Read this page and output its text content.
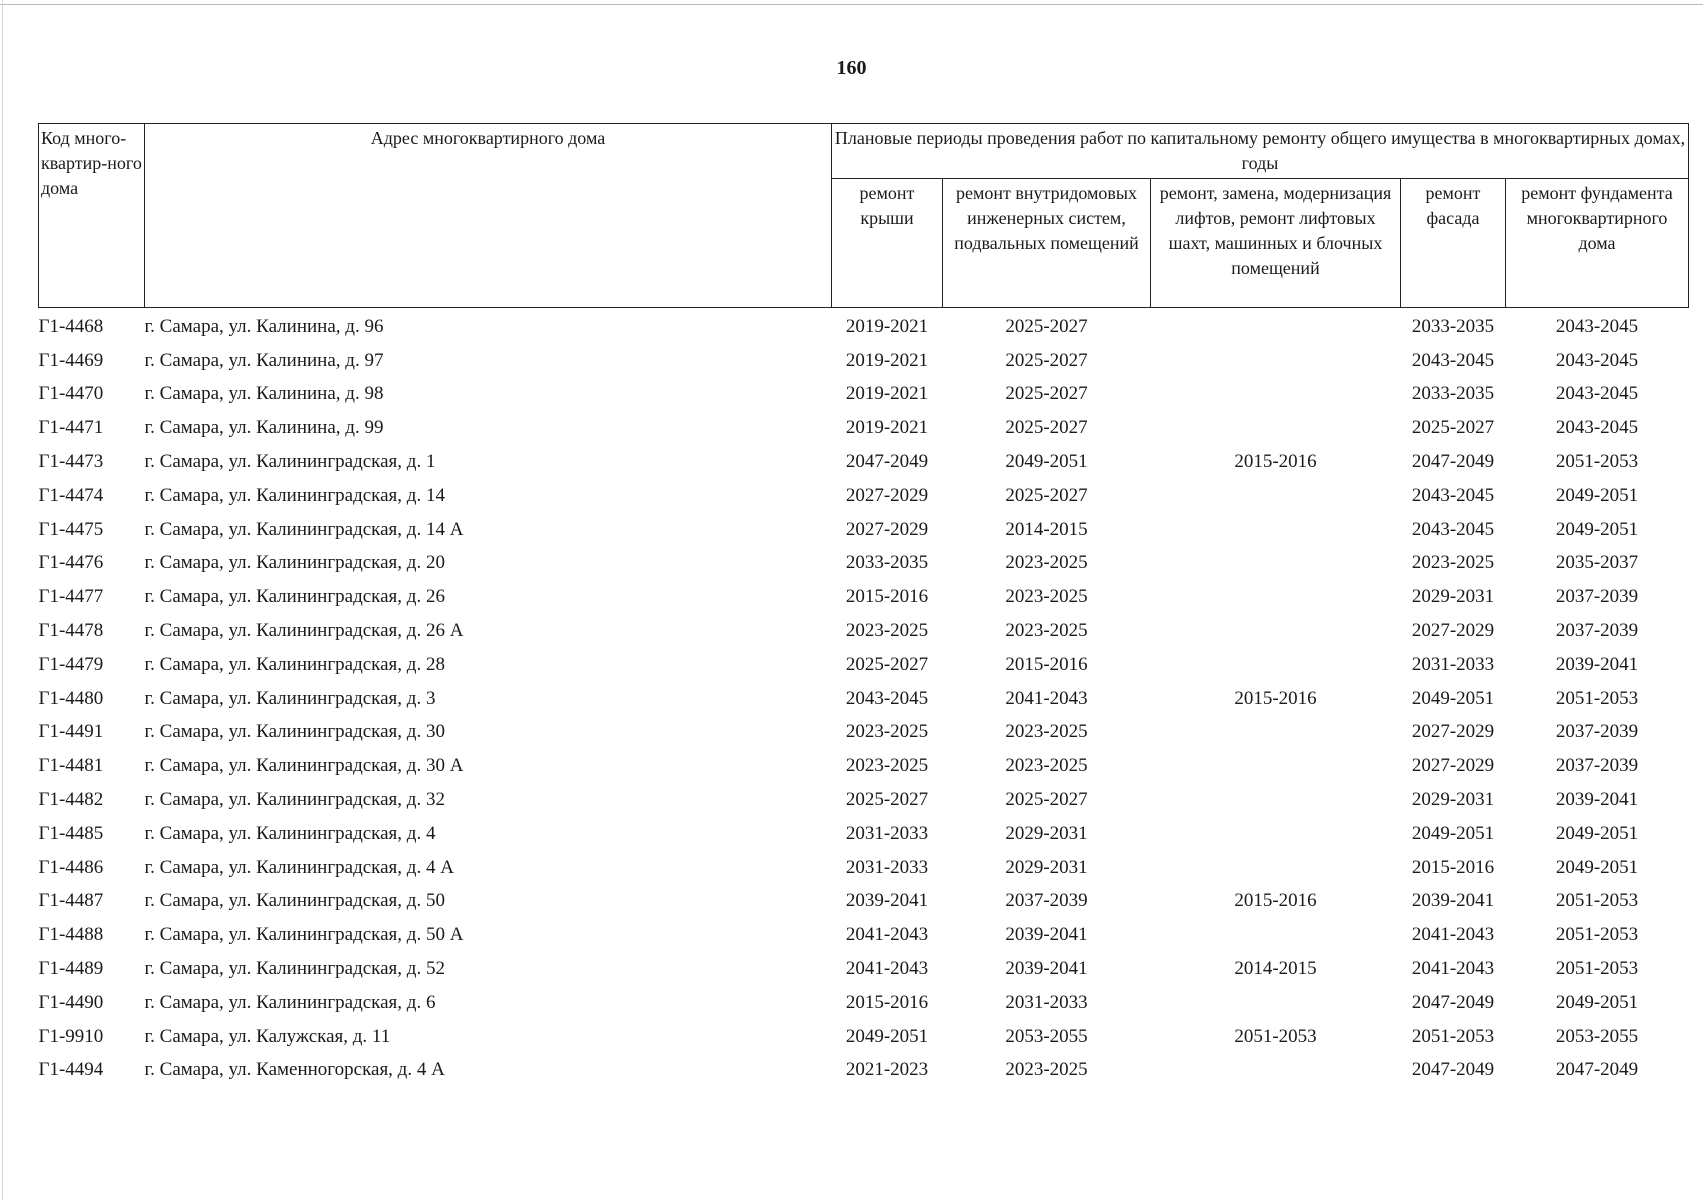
160
Код много-квартир-ного дома	Адрес многоквартирного дома	Плановые периоды проведения работ по капитальному ремонту общего имущества в многоквартирных домах, годы				
		ремонт крыши	ремонт внутридомовых инженерных систем, подвальных помещений	ремонт, замена, модернизация лифтов, ремонт лифтовых шахт, машинных и блочных помещений	ремонт фасада	ремонт фундамента многоквартирного дома
Г1-4468	г. Самара, ул. Калинина, д. 96	2019-2021	2025-2027		2033-2035	2043-2045
Г1-4469	г. Самара, ул. Калинина, д. 97	2019-2021	2025-2027		2043-2045	2043-2045
Г1-4470	г. Самара, ул. Калинина, д. 98	2019-2021	2025-2027		2033-2035	2043-2045
Г1-4471	г. Самара, ул. Калинина, д. 99	2019-2021	2025-2027		2025-2027	2043-2045
Г1-4473	г. Самара, ул. Калининградская, д. 1	2047-2049	2049-2051	2015-2016	2047-2049	2051-2053
Г1-4474	г. Самара, ул. Калининградская, д. 14	2027-2029	2025-2027		2043-2045	2049-2051
Г1-4475	г. Самара, ул. Калининградская, д. 14 А	2027-2029	2014-2015		2043-2045	2049-2051
Г1-4476	г. Самара, ул. Калининградская, д. 20	2033-2035	2023-2025		2023-2025	2035-2037
Г1-4477	г. Самара, ул. Калининградская, д. 26	2015-2016	2023-2025		2029-2031	2037-2039
Г1-4478	г. Самара, ул. Калининградская, д. 26 А	2023-2025	2023-2025		2027-2029	2037-2039
Г1-4479	г. Самара, ул. Калининградская, д. 28	2025-2027	2015-2016		2031-2033	2039-2041
Г1-4480	г. Самара, ул. Калининградская, д. 3	2043-2045	2041-2043	2015-2016	2049-2051	2051-2053
Г1-4491	г. Самара, ул. Калининградская, д. 30	2023-2025	2023-2025		2027-2029	2037-2039
Г1-4481	г. Самара, ул. Калининградская, д. 30 А	2023-2025	2023-2025		2027-2029	2037-2039
Г1-4482	г. Самара, ул. Калининградская, д. 32	2025-2027	2025-2027		2029-2031	2039-2041
Г1-4485	г. Самара, ул. Калининградская, д. 4	2031-2033	2029-2031		2049-2051	2049-2051
Г1-4486	г. Самара, ул. Калининградская, д. 4 А	2031-2033	2029-2031		2015-2016	2049-2051
Г1-4487	г. Самара, ул. Калининградская, д. 50	2039-2041	2037-2039	2015-2016	2039-2041	2051-2053
Г1-4488	г. Самара, ул. Калининградская, д. 50 А	2041-2043	2039-2041		2041-2043	2051-2053
Г1-4489	г. Самара, ул. Калининградская, д. 52	2041-2043	2039-2041	2014-2015	2041-2043	2051-2053
Г1-4490	г. Самара, ул. Калининградская, д. 6	2015-2016	2031-2033		2047-2049	2049-2051
Г1-9910	г. Самара, ул. Калужская, д. 11	2049-2051	2053-2055	2051-2053	2051-2053	2053-2055
Г1-4494	г. Самара, ул. Каменногорская, д. 4 А	2021-2023	2023-2025		2047-2049	2047-2049
